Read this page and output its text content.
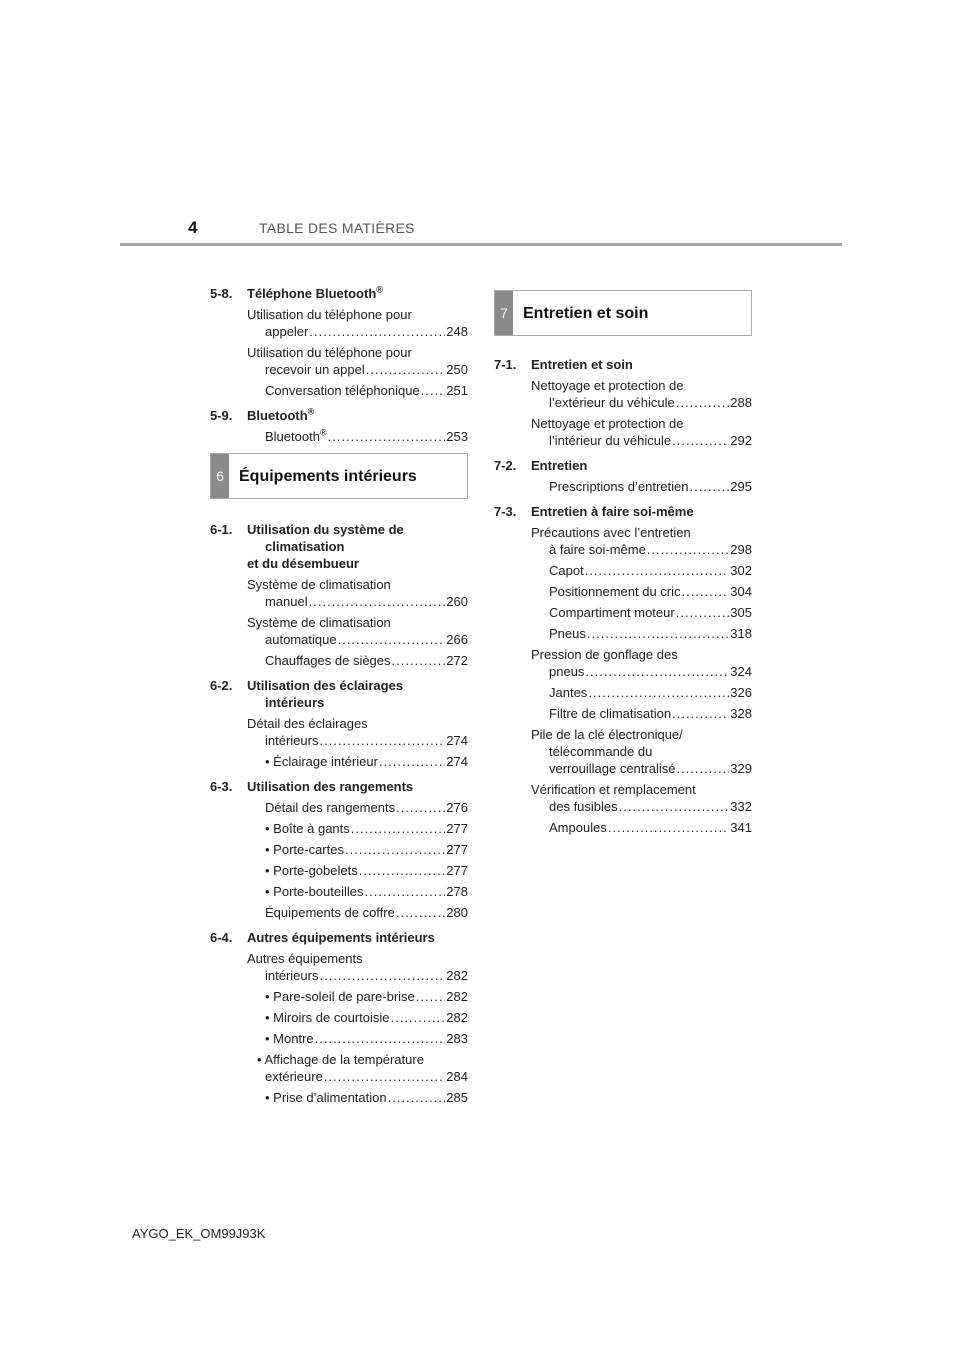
4	TABLE DES MATIÈRES
5-8.	Téléphone Bluetooth®
Utilisation du téléphone pour
appeler .....	248
Utilisation du téléphone pour
recevoir un appel .....	250
Conversation téléphonique ..... 251
5-9.	Bluetooth®
Bluetooth® .....	253
6 Équipements intérieurs
6-1.	Utilisation du système de
climatisation
et du désembueur
Système de climatisation
manuel .....	260
Système de climatisation
automatique .....	266
Chauffages de sièges .....	272
6-2.	Utilisation des éclairages
intérieurs
Détail des éclairages
intérieurs .....	274
• Éclairage intérieur .....	274
6-3.	Utilisation des rangements
Détail des rangements .....	276
• Boîte à gants .....	277
• Porte-cartes .....	277
• Porte-gobelets .....	277
• Porte-bouteilles .....	278
Équipements de coffre .....	280
6-4.	Autres équipements intérieurs
Autres équipements
intérieurs .....	282
• Pare-soleil de pare-brise ..... 282
• Miroirs de courtoisie .....	282
• Montre .....	283
• Affichage de la température
extérieure .....	284
• Prise d’alimentation .....	285
7 Entretien et soin
7-1.	Entretien et soin
Nettoyage et protection de
l’extérieur du véhicule .....	288
Nettoyage et protection de
l’intérieur du véhicule .....	292
7-2.	Entretien
Prescriptions d’entretien .....	295
7-3.	Entretien à faire soi-même
Précautions avec l’entretien
à faire soi-même .....	298
Capot .....	302
Positionnement du cric .....	304
Compartiment moteur .....	305
Pneus .....	318
Pression de gonflage des
pneus .....	324
Jantes .....	326
Filtre de climatisation .....	328
Pile de la clé électronique/
télécommande du
verrouillage centralisé .....	329
Vérification et remplacement
des fusibles .....	332
Ampoules .....	341
AYGO_EK_OM99J93K
